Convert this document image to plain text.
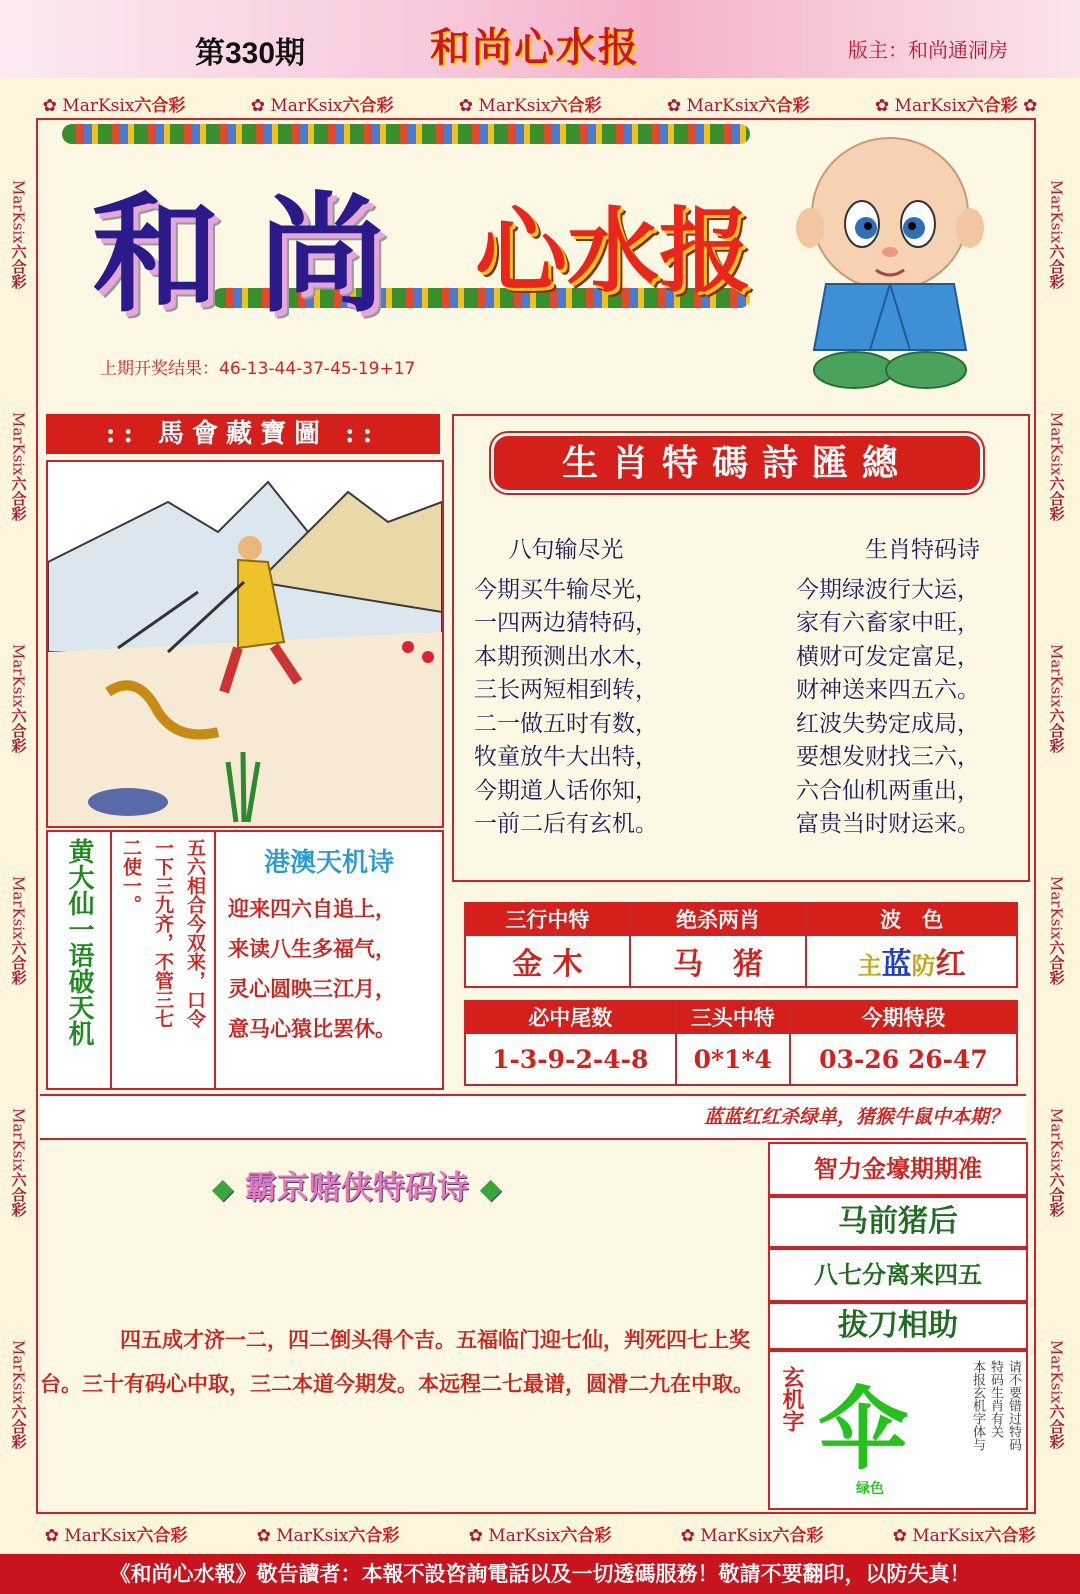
第330期	和尚心水报	版主：和尚通洞房
✿ MarKsix六合彩	✿ MarKsix六合彩	✿ MarKsix六合彩	✿ MarKsix六合彩	✿ MarKsix六合彩 ✿
✿ MarKsix六合彩	✿ MarKsix六合彩	✿ MarKsix六合彩	✿ MarKsix六合彩	✿ MarKsix六合彩
MarKsix六合彩
MarKsix六合彩
MarKsix六合彩
MarKsix六合彩
MarKsix六合彩
MarKsix六合彩
MarKsix六合彩
MarKsix六合彩
MarKsix六合彩
MarKsix六合彩
MarKsix六合彩
MarKsix六合彩
和尚 心水报
上期开奖结果：46-13-44-37-45-19+17
:: 馬會藏寶圖 ::
黄大仙一语破天机	五六相合今双来，口令
一下三九齐，不管三七
二使一。	港澳天机诗
迎来四六自追上，
来读八生多福气，
灵心圆映三江月，
意马心猿比罢休。
生肖特碼詩匯總
八句输尽光
今期买牛输尽光，
一四两边猜特码，
本期预测出水木，
三长两短相到转，
二一做五时有数，
牧童放牛大出特，
今期道人话你知，
一前二后有玄机。
生肖特码诗
今期绿波行大运，
家有六畜家中旺，
横财可发定富足，
财神送来四五六。
红波失势定成局，
要想发财找三六，
六合仙机两重出，
富贵当时财运来。
三行中特	绝杀两肖	波　色
金 木	马　猪	主蓝防红
必中尾数	三头中特	今期特段
1-3-9-2-4-8	0*1*4	03-26 26-47
蓝蓝红红杀绿单，猪猴牛鼠中本期？
◆ 霸京赌侠特码诗 ◆
四五成才济一二，四二倒头得个吉。五福临门迎七仙，判死四七上奖台。三十有码心中取，三二本道今期发。本远程二七最谱，圆滑二九在中取。
智力金壕期期准
马前猪后
八七分离来四五
拔刀相助
玄机字 伞
绿色
请不要错过特码
特码生肖有关
本报玄机字体与
《和尚心水報》敬告讀者：本報不設咨詢電話以及一切透碼服務！敬請不要翻印，以防失真！
